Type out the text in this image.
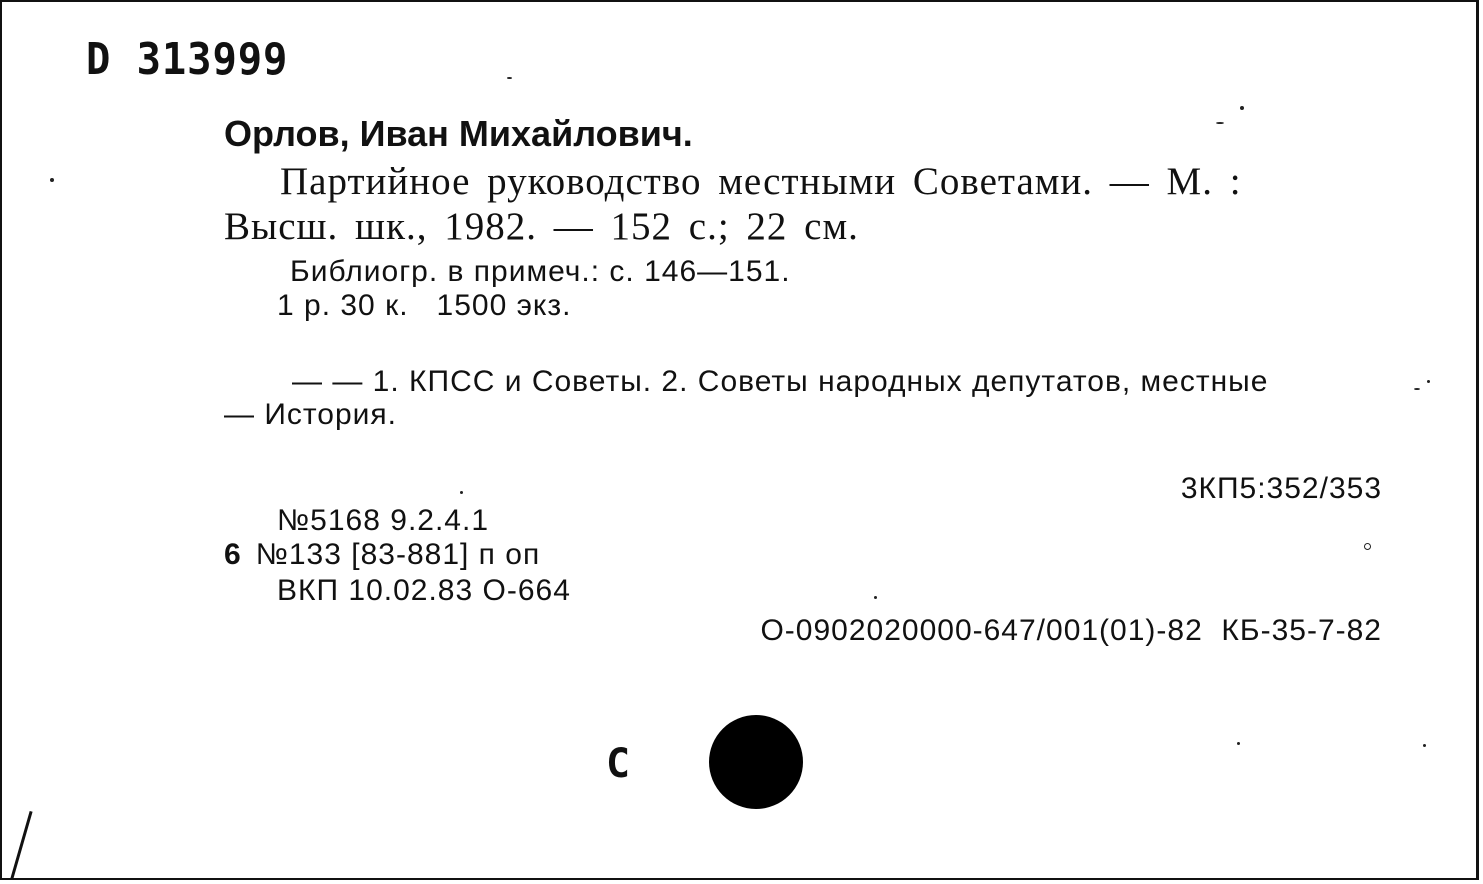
D 313999
Орлов, Иван Михайлович.
Партийное руководство местными Советами. — М. :
Высш. шк., 1982. — 152 с.; 22 см.
Библиогр. в примеч.: с. 146—151.
1 р. 30 к.   1500 экз.
— — 1. КПСС и Советы. 2. Советы народных депутатов, местные
— История.
3КП5:352/353
№5168 9.2.4.1
6 №133 [83-881] п оп
ВКП 10.02.83 О-664
О-0902020000-647/001(01)-82  КБ-35-7-82
С
